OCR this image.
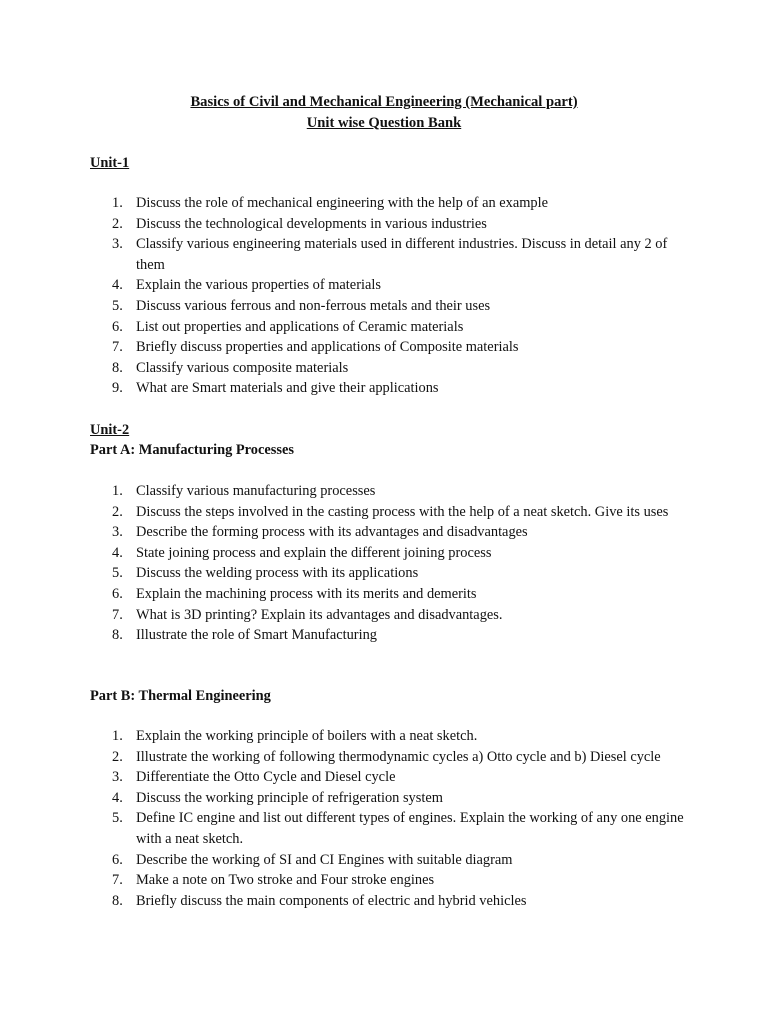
Basics of Civil and Mechanical Engineering (Mechanical part)
Unit wise Question Bank
Unit-1
1. Discuss the role of mechanical engineering with the help of an example
2. Discuss the technological developments in various industries
3. Classify various engineering materials used in different industries. Discuss in detail any 2 of them
4. Explain the various properties of materials
5. Discuss various ferrous and non-ferrous metals and their uses
6. List out properties and applications of Ceramic materials
7. Briefly discuss properties and applications of Composite materials
8. Classify various composite materials
9. What are Smart materials and give their applications
Unit-2
Part A: Manufacturing Processes
1. Classify various manufacturing processes
2. Discuss the steps involved in the casting process with the help of a neat sketch. Give its uses
3. Describe the forming process with its advantages and disadvantages
4. State joining process and explain the different joining process
5. Discuss the welding process with its applications
6. Explain the machining process with its merits and demerits
7. What is 3D printing? Explain its advantages and disadvantages.
8. Illustrate the role of Smart Manufacturing
Part B: Thermal Engineering
1. Explain the working principle of boilers with a neat sketch.
2. Illustrate the working of following thermodynamic cycles a) Otto cycle and b) Diesel cycle
3. Differentiate the Otto Cycle and Diesel cycle
4. Discuss the working principle of refrigeration system
5. Define IC engine and list out different types of engines. Explain the working of any one engine with a neat sketch.
6. Describe the working of SI and CI Engines with suitable diagram
7. Make a note on Two stroke and Four stroke engines
8. Briefly discuss the main components of electric and hybrid vehicles
